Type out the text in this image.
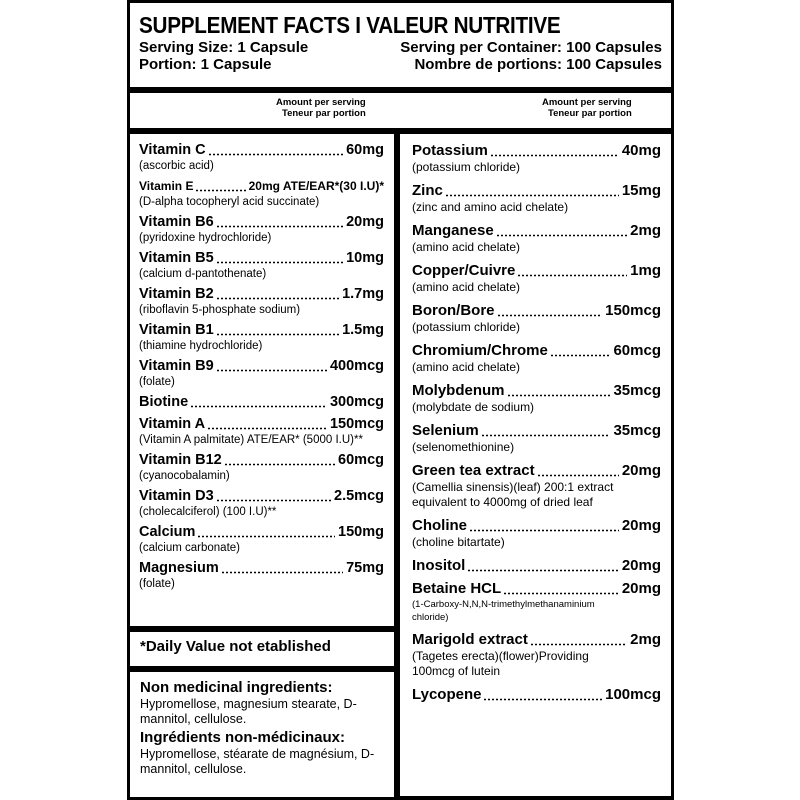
SUPPLEMENT FACTS I VALEUR NUTRITIVE
Serving Size: 1 Capsule	Serving per Container: 100 Capsules
Portion: 1 Capsule	Nombre de portions: 100 Capsules
Amount per serving
Teneur par portion
Amount per serving
Teneur par portion
Vitamin C	60mg
(ascorbic acid)
Vitamin E	20mg ATE/EAR*(30 I.U)*
(D-alpha tocopheryl acid succinate)
Vitamin B6	20mg
(pyridoxine hydrochloride)
Vitamin B5	10mg
(calcium d-pantothenate)
Vitamin B2	1.7mg
(riboflavin 5-phosphate sodium)
Vitamin B1	1.5mg
(thiamine hydrochloride)
Vitamin B9	400mcg
(folate)
Biotine	300mcg
Vitamin A	150mcg
(Vitamin A palmitate) ATE/EAR* (5000 I.U)**
Vitamin B12	60mcg
(cyanocobalamin)
Vitamin D3	2.5mcg
(cholecalciferol) (100 I.U)**
Calcium	150mg
(calcium carbonate)
Magnesium	75mg
(folate)
Potassium	40mg
(potassium chloride)
Zinc	15mg
(zinc and amino acid chelate)
Manganese	2mg
(amino acid chelate)
Copper/Cuivre	1mg
(amino acid chelate)
Boron/Bore	150mcg
(potassium chloride)
Chromium/Chrome	60mcg
(amino acid chelate)
Molybdenum	35mcg
(molybdate de sodium)
Selenium	35mcg
(selenomethionine)
Green tea extract	20mg
(Camellia sinensis)(leaf) 200:1 extract
equivalent to 4000mg of dried leaf
Choline	20mg
(choline bitartate)
Inositol	20mg
Betaine HCL	20mg
(1-Carboxy-N,N,N-trimethylmethanaminium
chloride)
Marigold extract	2mg
(Tagetes erecta)(flower)Providing
100mcg of lutein
Lycopene	100mcg
*Daily Value not etablished
Non medicinal ingredients:
Hypromellose, magnesium stearate, D-mannitol, cellulose.
Ingrédients non-médicinaux:
Hypromellose, stéarate de magnésium, D-mannitol, cellulose.
